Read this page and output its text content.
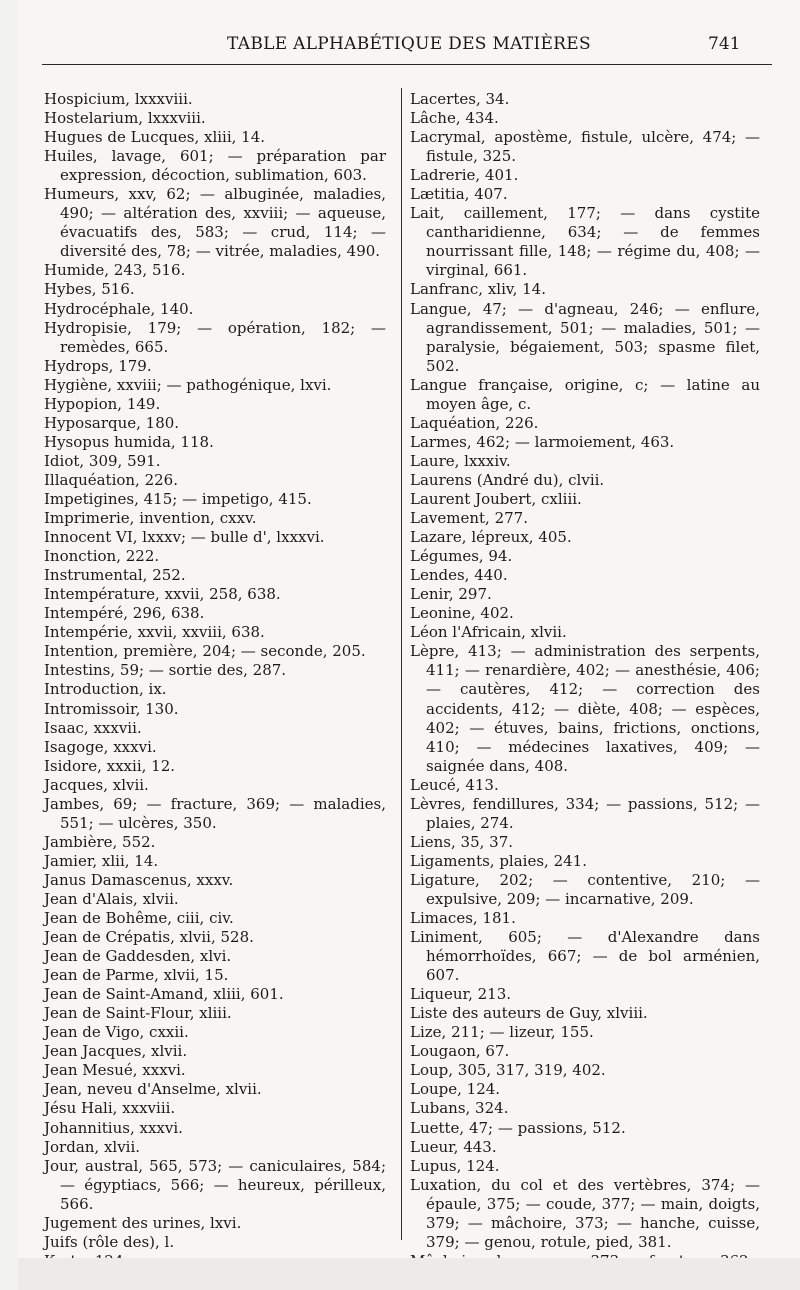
TABLE ALPHABÉTIQUE DES MATIÈRES	741
Hospicium, lxxxviii.
Hostelarium, lxxxviii.
Hugues de Lucques, xliii, 14.
Huiles, lavage, 601; — préparation par expression, décoction, sublimation, 603.
Humeurs, xxv, 62; — albuginée, maladies, 490; — altération des, xxviii; — aqueuse, évacuatifs des, 583; — crud, 114; — diversité des, 78; — vitrée, maladies, 490.
Humide, 243, 516.
Hybes, 516.
Hydrocéphale, 140.
Hydropisie, 179; — opération, 182; — remèdes, 665.
Hydrops, 179.
Hygiène, xxviii; — pathogénique, lxvi.
Hypopion, 149.
Hyposarque, 180.
Hysopus humida, 118.
Idiot, 309, 591.
Illaquéation, 226.
Impetigines, 415; — impetigo, 415.
Imprimerie, invention, cxxv.
Innocent VI, lxxxv; — bulle d', lxxxvi.
Inonction, 222.
Instrumental, 252.
Intempérature, xxvii, 258, 638.
Intempéré, 296, 638.
Intempérie, xxvii, xxviii, 638.
Intention, première, 204; — seconde, 205.
Intestins, 59; — sortie des, 287.
Introduction, ix.
Intromissoir, 130.
Isaac, xxxvii.
Isagoge, xxxvi.
Isidore, xxxii, 12.
Jacques, xlvii.
Jambes, 69; — fracture, 369; — maladies, 551; — ulcères, 350.
Jambière, 552.
Jamier, xlii, 14.
Janus Damascenus, xxxv.
Jean d'Alais, xlvii.
Jean de Bohême, ciii, civ.
Jean de Crépatis, xlvii, 528.
Jean de Gaddesden, xlvi.
Jean de Parme, xlvii, 15.
Jean de Saint-Amand, xliii, 601.
Jean de Saint-Flour, xliii.
Jean de Vigo, cxxii.
Jean Jacques, xlvii.
Jean Mesué, xxxvi.
Jean, neveu d'Anselme, xlvii.
Jésu Hali, xxxviii.
Johannitius, xxxvi.
Jordan, xlvii.
Jour, austral, 565, 573; — caniculaires, 584; — égyptiacs, 566; — heureux, périlleux, 566.
Jugement des urines, lxvi.
Juifs (rôle des), l.
Lacertes, 34.
Lâche, 434.
Lacrymal, apostème, fistule, ulcère, 474; — fistule, 325.
Ladrerie, 401.
Lætitia, 407.
Lait, caillement, 177; — dans cystite cantharidienne, 634; — de femmes nourrissant fille, 148; — régime du, 408; — virginal, 661.
Lanfranc, xliv, 14.
Langue, 47; — d'agneau, 246; — enflure, agrandissement, 501; — maladies, 501; — paralysie, bégaiement, 503; spasme filet, 502.
Langue française, origine, c; — latine au moyen âge, c.
Laquéation, 226.
Larmes, 462; — larmoiement, 463.
Laure, lxxxiv.
Laurens (André du), clvii.
Laurent Joubert, cxliii.
Lavement, 277.
Lazare, lépreux, 405.
Légumes, 94.
Lendes, 440.
Lenir, 297.
Leonine, 402.
Léon l'Africain, xlvii.
Lèpre, 413; — administration des serpents, 411; — renardière, 402; — anesthésie, 406; — cautères, 412; — correction des accidents, 412; — diète, 408; — espèces, 402; — étuves, bains, frictions, onctions, 410; — médecines laxatives, 409; — saignée dans, 408.
Leucé, 413.
Lèvres, fendillures, 334; — passions, 512; — plaies, 274.
Liens, 35, 37.
Ligaments, plaies, 241.
Ligature, 202; — contentive, 210; — expulsive, 209; — incarnative, 209.
Limaces, 181.
Liniment, 605; — d'Alexandre dans hémorrhoïdes, 667; — de bol arménien, 607.
Liqueur, 213.
Liste des auteurs de Guy, xlviii.
Lize, 211; — lizeur, 155.
Lougaon, 67.
Loup, 305, 317, 319, 402.
Loupe, 124.
Lubans, 324.
Luette, 47; — passions, 512.
Lueur, 443.
Lupus, 124.
Luxation, du col et des vertèbres, 374; — épaule, 375; — coude, 377; — main, doigts, 379; — mâchoire, 373; — hanche, cuisse, 379; — genou, rotule, pied, 381.
